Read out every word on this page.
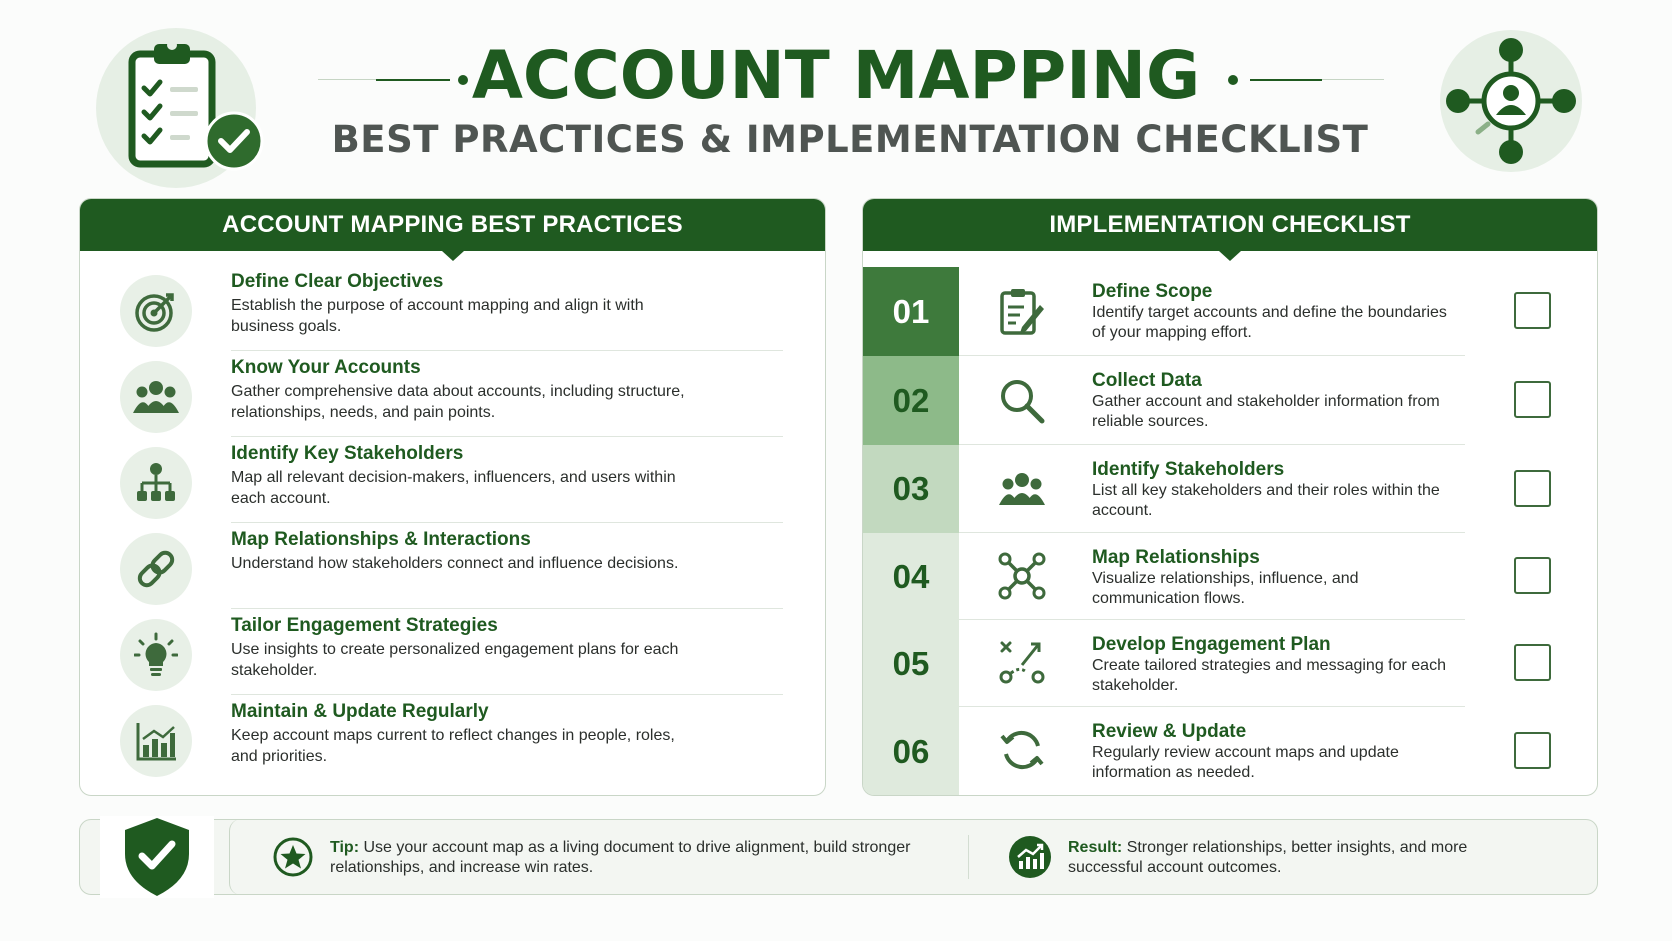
ACCOUNT MAPPING
BEST PRACTICES & IMPLEMENTATION CHECKLIST
ACCOUNT MAPPING BEST PRACTICES
Define Clear Objectives
Establish the purpose of account mapping and align it with business goals.
Know Your Accounts
Gather comprehensive data about accounts, including structure, relationships, needs, and pain points.
Identify Key Stakeholders
Map all relevant decision-makers, influencers, and users within each account.
Map Relationships & Interactions
Understand how stakeholders connect and influence decisions.
Tailor Engagement Strategies
Use insights to create personalized engagement plans for each stakeholder.
Maintain & Update Regularly
Keep account maps current to reflect changes in people, roles, and priorities.
IMPLEMENTATION CHECKLIST
01
Define Scope
Identify target accounts and define the boundaries of your mapping effort.
02
Collect Data
Gather account and stakeholder information from reliable sources.
03
Identify Stakeholders
List all key stakeholders and their roles within the account.
04	Map Relationships
Visualize relationships, influence, and communication flows.
05	Develop Engagement Plan
Create tailored strategies and messaging for each stakeholder.
06
Review & Update
Regularly review account maps and update information as needed.
Tip: Use your account map as a living document to drive alignment, build stronger relationships, and increase win rates.
Result: Stronger relationships, better insights, and more successful account outcomes.
